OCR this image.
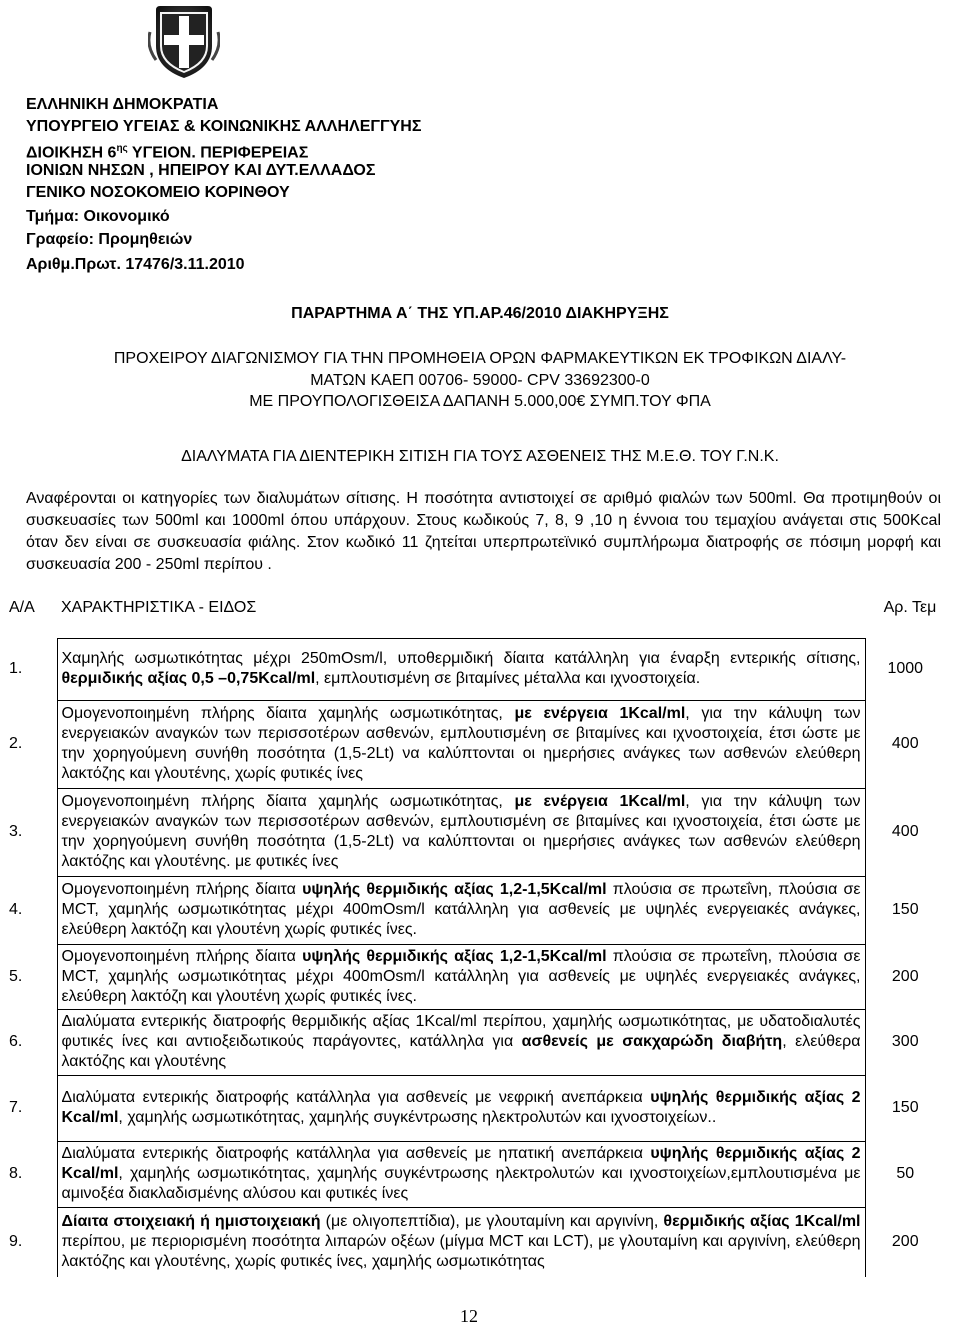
ΕΛΛΗΝΙΚΗ ΔΗΜΟΚΡΑΤΙΑ
ΥΠΟΥΡΓΕΙΟ ΥΓΕΙΑΣ & ΚΟΙΝΩΝΙΚΗΣ ΑΛΛΗΛΕΓΓΥΗΣ
ΔΙΟΙΚΗΣΗ $6^{\eta\varsigma}$ ΥΓΕΙΟΝ. ΠΕΡΙΦΕΡΕΙΑΣ
ΙΟΝΙΩΝ ΝΗΣΩΝ , ΗΠΕΙΡΟΥ ΚΑΙ ΔΥΤ.ΕΛΛΑΔΟΣ
ΓΕΝΙΚΟ ΝΟΣΟΚΟΜΕΙΟ ΚΟΡΙΝΘΟΥ
Τμήμα: Οικονομικό
Γραφείο: Προμηθειών
Αριθμ.Πρωτ. 17476/3.11.2010
ΠΑΡΑΡΤΗΜΑ Α΄ ΤΗΣ ΥΠ.ΑΡ.46/2010 ΔΙΑΚΗΡΥΞΗΣ
ΠΡΟΧΕΙΡΟΥ ΔΙΑΓΩΝΙΣΜΟΥ ΓΙΑ ΤΗΝ ΠΡΟΜΗΘΕΙΑ ΟΡΩΝ ΦΑΡΜΑΚΕΥΤΙΚΩΝ ΕΚ ΤΡΟΦΙΚΩΝ ΔΙΑΛΥ-
ΜΑΤΩΝ ΚΑΕΠ 00706- 59000- CPV 33692300-0
ΜΕ ΠΡΟΥΠΟΛΟΓΙΣΘΕΙΣΑ ΔΑΠΑΝΗ 5.000,00€ ΣΥΜΠ.ΤΟΥ ΦΠΑ
ΔΙΑΛΥΜΑΤΑ ΓΙΑ ΔΙΕΝΤΕΡΙΚΗ ΣΙΤΙΣΗ ΓΙΑ ΤΟΥΣ ΑΣΘΕΝΕΙΣ ΤΗΣ Μ.Ε.Θ. ΤΟΥ Γ.Ν.Κ.
Αναφέρονται οι κατηγορίες των διαλυμάτων σίτισης. Η ποσότητα αντιστοιχεί σε αριθμό φιαλών των 500ml. Θα προτιμηθούν οι συσκευασίες των 500ml και 1000ml όπου υπάρχουν. Στους κωδικούς 7, 8, 9 ,10 η έννοια του τεμαχίου ανάγεται στις 500Kcal όταν δεν είναι σε συσκευασία φιάλης. Στον κωδικό 11 ζητείται υπερπρωτεϊνικό συμπλήρωμα διατροφής σε πόσιμη μορφή και συσκευασία 200 - 250ml περίπου .
Α/Α	ΧΑΡΑΚΤΗΡΙΣΤΙΚΑ - ΕΙΔΟΣ	Αρ. Τεμ
1.	Χαμηλής ωσμωτικότητας μέχρι 250mOsm/l, υποθερμιδική δίαιτα κατάλληλη για έναρξη εντερικής σίτισης, θερμιδικής αξίας 0,5 –0,75Kcal/ml, εμπλουτισμένη σε βιταμίνες μέταλλα και ιχνοστοιχεία.	1000
2.	Ομογενοποιημένη πλήρης δίαιτα χαμηλής ωσμωτικότητας, με ενέργεια 1Kcal/ml, για την κάλυψη των ενεργειακών αναγκών των περισσοτέρων ασθενών, εμπλουτισμένη σε βιταμίνες και ιχνοστοιχεία, έτσι ώστε με την χορηγούμενη συνήθη ποσότητα (1,5-2Lt) να καλύπτονται οι ημερήσιες ανάγκες των ασθενών ελεύθερη λακτόζης και γλουτένης, χωρίς φυτικές ίνες	400
3.	Ομογενοποιημένη πλήρης δίαιτα χαμηλής ωσμωτικότητας, με ενέργεια 1Kcal/ml, για την κάλυψη των ενεργειακών αναγκών των περισσοτέρων ασθενών, εμπλουτισμένη σε βιταμίνες και ιχνοστοιχεία, έτσι ώστε με την χορηγούμενη συνήθη ποσότητα (1,5-2Lt) να καλύπτονται οι ημερήσιες ανάγκες των ασθενών ελεύθερη λακτόζης και γλουτένης. με φυτικές ίνες	400
4.	Ομογενοποιημένη πλήρης δίαιτα υψηλής θερμιδικής αξίας 1,2-1,5Kcal/ml πλούσια σε πρωτεΐνη, πλούσια σε MCT, χαμηλής ωσμωτικότητας μέχρι 400mOsm/l κατάλληλη για ασθενείς με υψηλές ενεργειακές ανάγκες, ελεύθερη λακτόζη και γλουτένη χωρίς φυτικές ίνες.	150
5.	Ομογενοποιημένη πλήρης δίαιτα υψηλής θερμιδικής αξίας 1,2-1,5Kcal/ml πλούσια σε πρωτεΐνη, πλούσια σε MCT, χαμηλής ωσμωτικότητας μέχρι 400mOsm/l κατάλληλη για ασθενείς με υψηλές ενεργειακές ανάγκες, ελεύθερη λακτόζη και γλουτένη χωρίς φυτικές ίνες.	200
6.	Διαλύματα εντερικής διατροφής θερμιδικής αξίας 1Kcal/ml περίπου, χαμηλής ωσμωτικότητας, με υδατοδιαλυτές φυτικές ίνες και αντιοξειδωτικούς παράγοντες, κατάλληλα για ασθενείς με σακχαρώδη διαβήτη, ελεύθερα λακτόζης και γλουτένης	300
7.	Διαλύματα εντερικής διατροφής κατάλληλα για ασθενείς με νεφρική ανεπάρκεια υψηλής θερμιδικής αξίας 2 Kcal/ml, χαμηλής ωσμωτικότητας, χαμηλής συγκέντρωσης ηλεκτρολυτών και ιχνοστοιχείων..	150
8.	Διαλύματα εντερικής διατροφής κατάλληλα για ασθενείς με ηπατική ανεπάρκεια υψηλής θερμιδικής αξίας 2 Kcal/ml, χαμηλής ωσμωτικότητας, χαμηλής συγκέντρωσης ηλεκτρολυτών και ιχνοστοιχείων,εμπλουτισμένα με αμινοξέα διακλαδισμένης αλύσου και φυτικές ίνες	50
9.	Δίαιτα στοιχειακή ή ημιστοιχειακή (με ολιγοπεπτίδια), με γλουταμίνη και αργινίνη, θερμιδικής αξίας 1Kcal/ml περίπου, με περιορισμένη ποσότητα λιπαρών οξέων (μίγμα MCT και LCT), με γλουταμίνη και αργινίνη, ελεύθερη λακτόζης και γλουτένης, χωρίς φυτικές ίνες, χαμηλής ωσμωτικότητας	200
12
